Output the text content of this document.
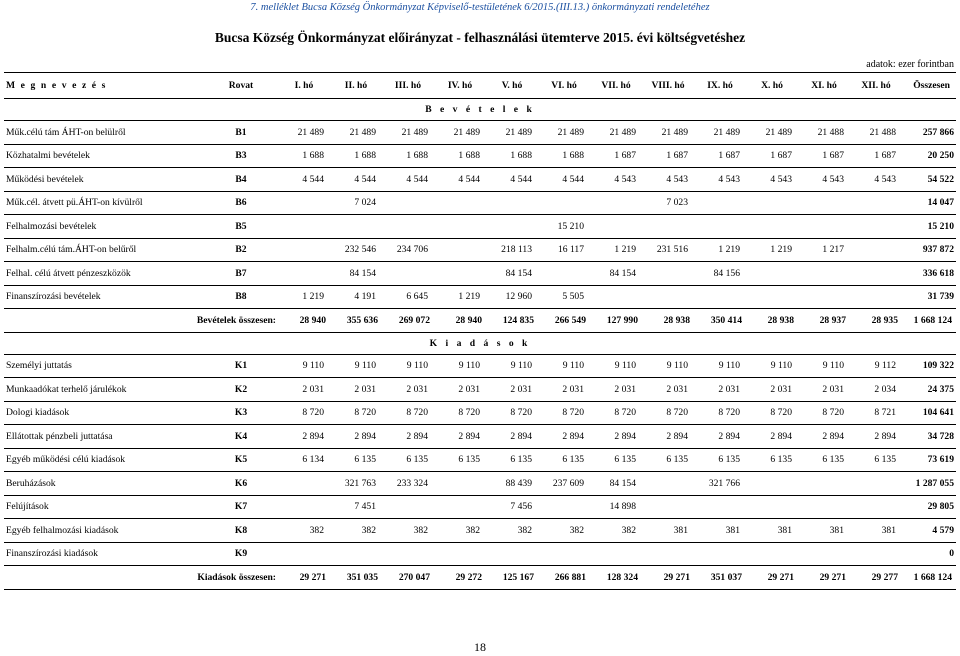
7. melléklet Bucsa Község Önkormányzat Képviselő-testületének 6/2015.(III.13.) önkormányzati rendeletéhez
Bucsa Község Önkormányzat előirányzat - felhasználási ütemterve 2015. évi költségvetéshez
adatok: ezer forintban
M e g n e v e z é s	Rovat	I. hó	II. hó	III. hó	IV. hó	V. hó	VI. hó	VII. hó	VIII. hó	IX. hó	X. hó	XI. hó	XII. hó	Összesen
B e v é t e l e k														
Műk.célú tám ÁHT-on belülről	B1	21 489	21 489	21 489	21 489	21 489	21 489	21 489	21 489	21 489	21 489	21 488	21 488	257 866
Közhatalmi bevételek	B3	1 688	1 688	1 688	1 688	1 688	1 688	1 687	1 687	1 687	1 687	1 687	1 687	20 250
Működési bevételek	B4	4 544	4 544	4 544	4 544	4 544	4 544	4 543	4 543	4 543	4 543	4 543	4 543	54 522
Műk.cél. átvett pü.ÁHT-on kívülről	B6		7 024						7 023					14 047
Felhalmozási bevételek	B5						15 210							15 210
Felhalm.célú tám.ÁHT-on belűről	B2		232 546	234 706		218 113	16 117	1 219	231 516	1 219	1 219	1 217		937 872
Felhal. célú átvett pénzeszközök	B7		84 154			84 154		84 154		84 156				336 618
Finanszírozási bevételek	B8	1 219	4 191	6 645	1 219	12 960	5 505							31 739
Bevételek összesen:		28 940	355 636	269 072	28 940	124 835	266 549	127 990	28 938	350 414	28 938	28 937	28 935	1 668 124
K i a d á s o k														
Személyi juttatás	K1	9 110	9 110	9 110	9 110	9 110	9 110	9 110	9 110	9 110	9 110	9 110	9 112	109 322
Munkaadókat terhelő járulékok	K2	2 031	2 031	2 031	2 031	2 031	2 031	2 031	2 031	2 031	2 031	2 031	2 034	24 375
Dologi kiadások	K3	8 720	8 720	8 720	8 720	8 720	8 720	8 720	8 720	8 720	8 720	8 720	8 721	104 641
Ellátottak pénzbeli juttatása	K4	2 894	2 894	2 894	2 894	2 894	2 894	2 894	2 894	2 894	2 894	2 894	2 894	34 728
Egyéb működési célú kiadások	K5	6 134	6 135	6 135	6 135	6 135	6 135	6 135	6 135	6 135	6 135	6 135	6 135	73 619
Beruházások	K6		321 763	233 324		88 439	237 609	84 154		321 766				1 287 055
Felújítások	K7		7 451			7 456		14 898						29 805
Egyéb felhalmozási kiadások	K8	382	382	382	382	382	382	382	381	381	381	381	381	4 579
Finanszírozási kiadások	K9													0
Kiadások összesen:		29 271	351 035	270 047	29 272	125 167	266 881	128 324	29 271	351 037	29 271	29 271	29 277	1 668 124
18
